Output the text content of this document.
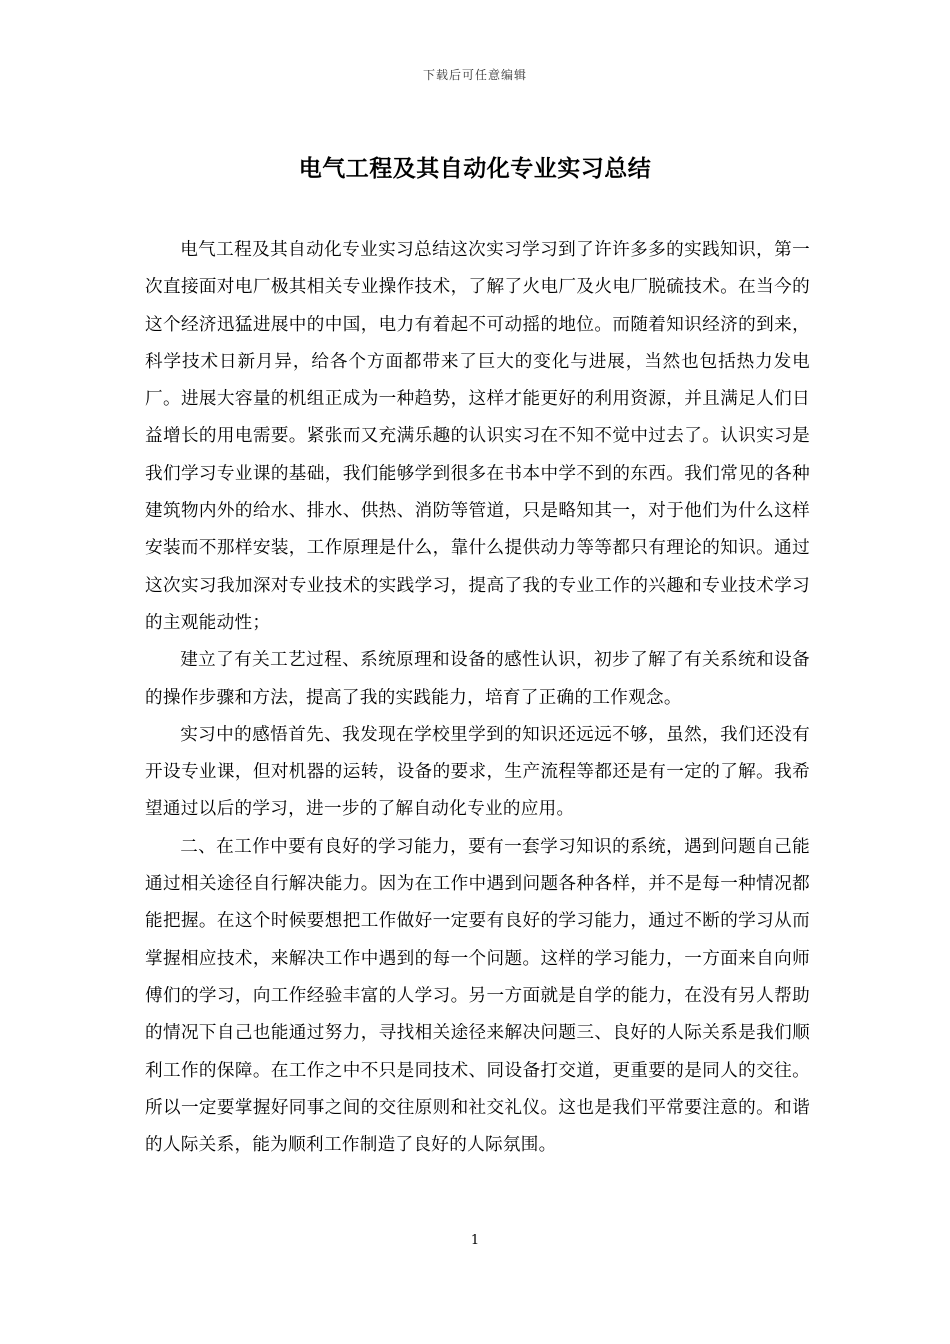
下载后可任意编辑
电气工程及其自动化专业实习总结

电气工程及其自动化专业实习总结这次实习学习到了许许多多的实践知识，第一次直接面对电厂极其相关专业操作技术，了解了火电厂及火电厂脱硫技术。在当今的这个经济迅猛进展中的中国，电力有着起不可动摇的地位。而随着知识经济的到来，科学技术日新月异，给各个方面都带来了巨大的变化与进展，当然也包括热力发电厂。进展大容量的机组正成为一种趋势，这样才能更好的利用资源，并且满足人们日益增长的用电需要。紧张而又充满乐趣的认识实习在不知不觉中过去了。认识实习是我们学习专业课的基础，我们能够学到很多在书本中学不到的东西。我们常见的各种建筑物内外的给水、排水、供热、消防等管道，只是略知其一，对于他们为什么这样安装而不那样安装，工作原理是什么，靠什么提供动力等等都只有理论的知识。通过这次实习我加深对专业技术的实践学习，提高了我的专业工作的兴趣和专业技术学习的主观能动性；

建立了有关工艺过程、系统原理和设备的感性认识，初步了解了有关系统和设备的操作步骤和方法，提高了我的实践能力，培育了正确的工作观念。

实习中的感悟首先、我发现在学校里学到的知识还远远不够，虽然，我们还没有开设专业课，但对机器的运转，设备的要求，生产流程等都还是有一定的了解。我希望通过以后的学习，进一步的了解自动化专业的应用。

二、在工作中要有良好的学习能力，要有一套学习知识的系统，遇到问题自己能通过相关途径自行解决能力。因为在工作中遇到问题各种各样，并不是每一种情况都能把握。在这个时候要想把工作做好一定要有良好的学习能力，通过不断的学习从而掌握相应技术，来解决工作中遇到的每一个问题。这样的学习能力，一方面来自向师傅们的学习，向工作经验丰富的人学习。另一方面就是自学的能力，在没有另人帮助的情况下自己也能通过努力，寻找相关途径来解决问题三、良好的人际关系是我们顺利工作的保障。在工作之中不只是同技术、同设备打交道，更重要的是同人的交往。所以一定要掌握好同事之间的交往原则和社交礼仪。这也是我们平常要注意的。和谐的人际关系，能为顺利工作制造了良好的人际氛围。

1
